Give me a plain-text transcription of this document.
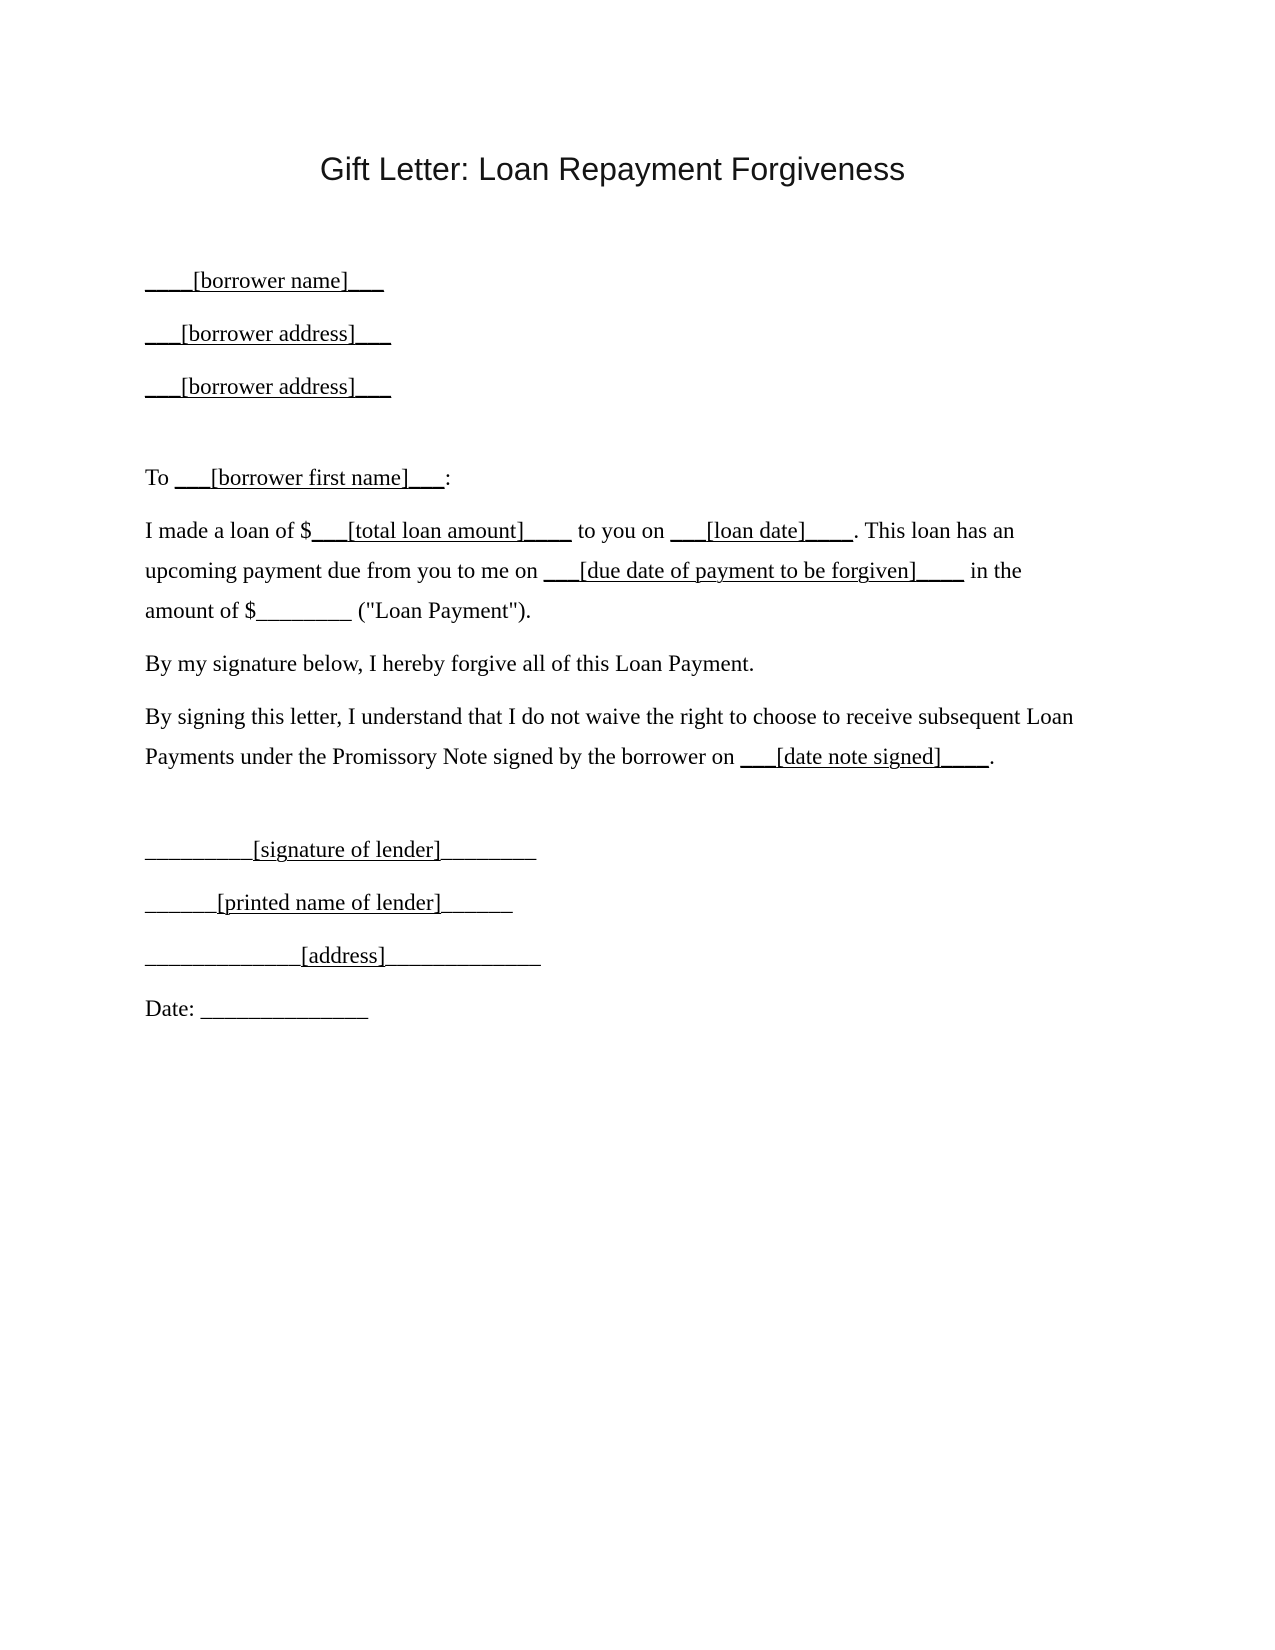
Gift Letter: Loan Repayment Forgiveness

____[borrower name]___

___[borrower address]___

___[borrower address]___

To ___[borrower first name]___:

I made a loan of $___[total loan amount]____ to you on ___[loan date]____. This loan has an upcoming payment due from you to me on ___[due date of payment to be forgiven]____ in the amount of $________ ("Loan Payment").

By my signature below, I hereby forgive all of this Loan Payment.

By signing this letter, I understand that I do not waive the right to choose to receive subsequent Loan Payments under the Promissory Note signed by the borrower on ___[date note signed]____.

_________[signature of lender]________

______[printed name of lender]______

_____________[address]_____________

Date: ______________
